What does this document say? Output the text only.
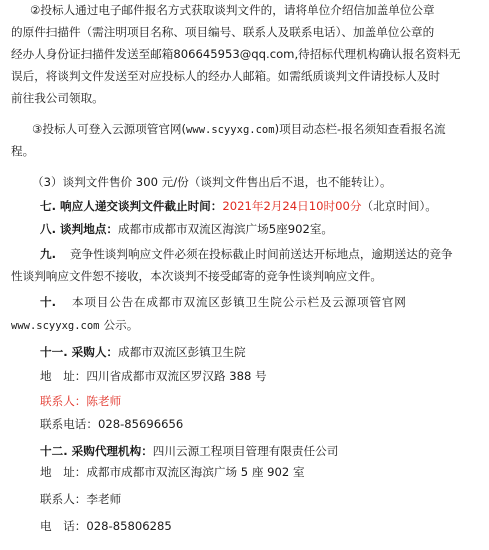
②投标人通过电子邮件报名方式获取谈判文件的，请将单位介绍信加盖单位公章
的原件扫描件（需注明项目名称、项目编号、联系人及联系电话）、加盖单位公章的
经办人身份证扫描件发送至邮箱806645953@qq.com,待招标代理机构确认报名资料无
误后，将谈判文件发送至对应投标人的经办人邮箱。如需纸质谈判文件请投标人及时
前往我公司领取。
③投标人可登入云源项管官网(www.scyyxg.com)项目动态栏-报名须知查看报名流
程。
（3）谈判文件售价 300 元/份（谈判文件售出后不退，也不能转让）。
七. 响应人递交谈判文件截止时间：2021年2月24日10时00分（北京时间）。
八. 谈判地点：成都市成都市双流区海滨广场5座902室。
九. 竞争性谈判响应文件必须在投标截止时间前送达开标地点，逾期送达的竞争
性谈判响应文件恕不接收，本次谈判不接受邮寄的竞争性谈判响应文件。
十. 本项目公告在成都市双流区彭镇卫生院公示栏及云源项管官网
www.scyyxg.com 公示。
十一. 采购人：成都市双流区彭镇卫生院
地　址：四川省成都市双流区罗汉路 388 号
联系人：陈老师
联系电话：028-85696656
十二. 采购代理机构：四川云源工程项目管理有限责任公司
地　址：成都市成都市双流区海滨广场 5 座 902 室
联系人：李老师
电　话：028-85806285
